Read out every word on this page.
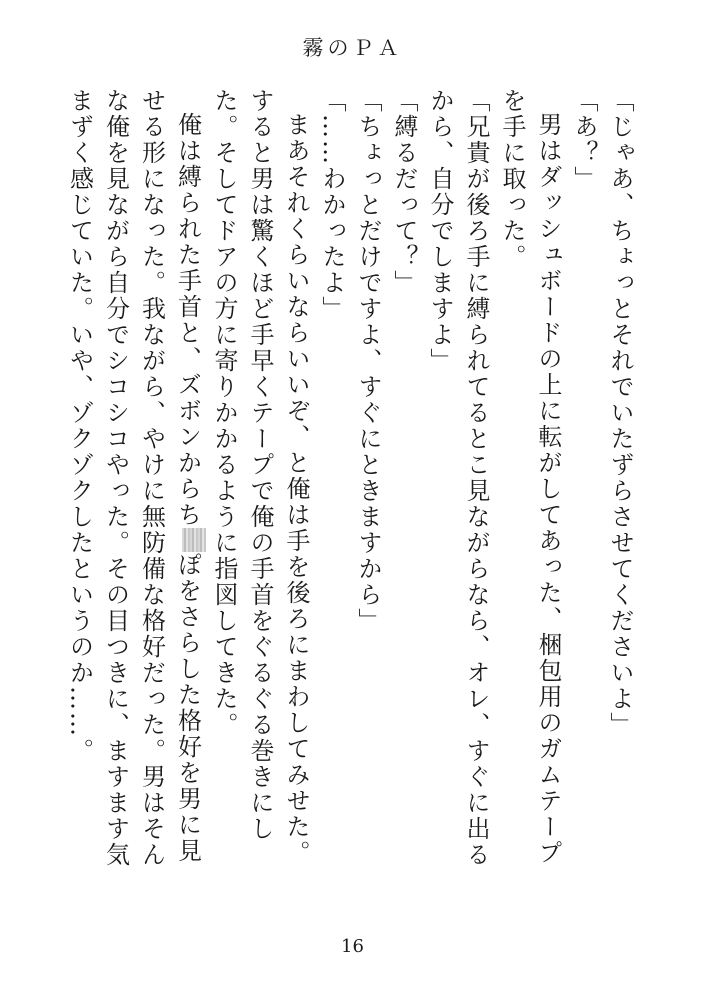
霧のＰＡ

「じゃあ、ちょっとそれでいたずらさせてくださいよ」

「あ？」

男はダッシュボードの上に転がしてあった、梱包用のガムテープを手に取った。

「兄貴が後ろ手に縛られてるとこ見ながらなら、オレ、すぐに出るから、自分でしますよ」

「縛るだって？」

「ちょっとだけですよ、すぐにときますから」

「……わかったよ」

まあそれくらいならいいぞ、と俺は手を後ろにまわしてみせた。すると男は驚くほど手早くテープで俺の手首をぐるぐる巻きにした。そしてドアの方に寄りかかるように指図してきた。

俺は縛られた手首と、ズボンからちぽをさらした格好を男に見せる形になった。我ながら、やけに無防備な格好だった。男はそんな俺を見ながら自分でシコシコやった。その目つきに、ますます気まずく感じていた。いや、ゾクゾクしたというのか……。

16
